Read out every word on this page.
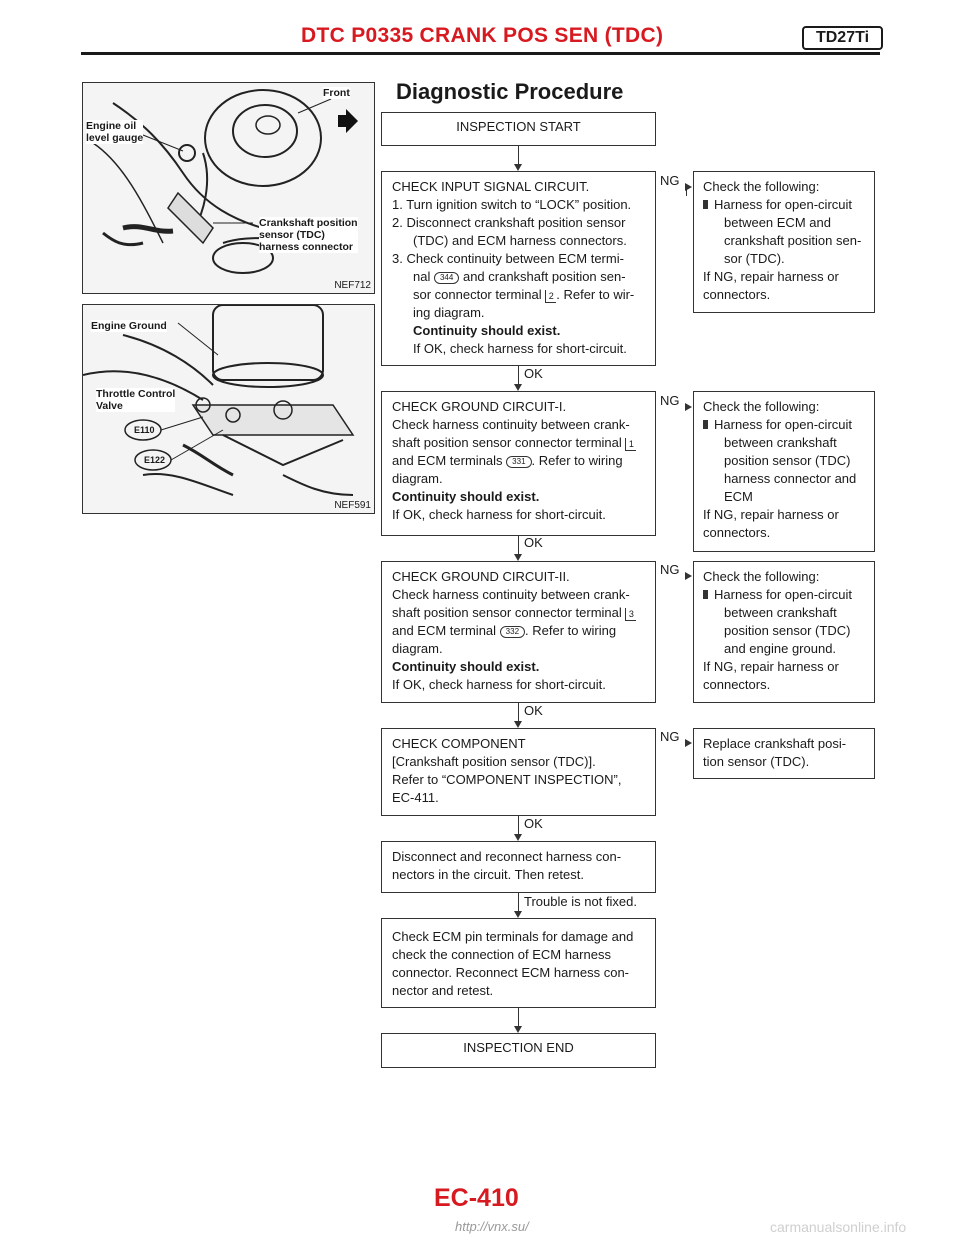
DTC P0335 CRANK POS SEN (TDC)	TD27Ti
Front
Engine oil
level gauge
Crankshaft position
sensor (TDC)
harness connector
NEF712
Engine Ground
Throttle Control
Valve
E110
E122
NEF591
Diagnostic Procedure
INSPECTION START
CHECK INPUT SIGNAL CIRCUIT.
1. Turn ignition switch to “LOCK” position.
2. Disconnect crankshaft position sensor
(TDC) and ECM harness connectors.
3. Check continuity between ECM termi-
nal 344 and crankshaft position sen-
sor connector terminal 2 . Refer to wir-
ing diagram.
Continuity should exist.
If OK, check harness for short-circuit.
NG Check the following:
Harness for open-circuit
between ECM and
crankshaft position sen-
sor (TDC).
If NG, repair harness or
connectors.
OK
CHECK GROUND CIRCUIT-I.
Check harness continuity between crank-
shaft position sensor connector terminal 1
and ECM terminals 331 . Refer to wiring
diagram.
Continuity should exist.
If OK, check harness for short-circuit.
NG Check the following:
Harness for open-circuit
between crankshaft
position sensor (TDC)
harness connector and
ECM
If NG, repair harness or
connectors.
OK
CHECK GROUND CIRCUIT-II.
Check harness continuity between crank-
shaft position sensor connector terminal 3
and ECM terminal 332 . Refer to wiring
diagram.
Continuity should exist.
If OK, check harness for short-circuit.
NG Check the following:
Harness for open-circuit
between crankshaft
position sensor (TDC)
and engine ground.
If NG, repair harness or
connectors.
OK
CHECK COMPONENT
[Crankshaft position sensor (TDC)].
Refer to “COMPONENT INSPECTION”,
EC-411.
NG Replace crankshaft posi-
tion sensor (TDC).
OK
Disconnect and reconnect harness con-
nectors in the circuit. Then retest.
Trouble is not fixed.
Check ECM pin terminals for damage and
check the connection of ECM harness
connector. Reconnect ECM harness con-
nector and retest.
INSPECTION END
EC-410
http://vnx.su/	carmanualsonline.info
